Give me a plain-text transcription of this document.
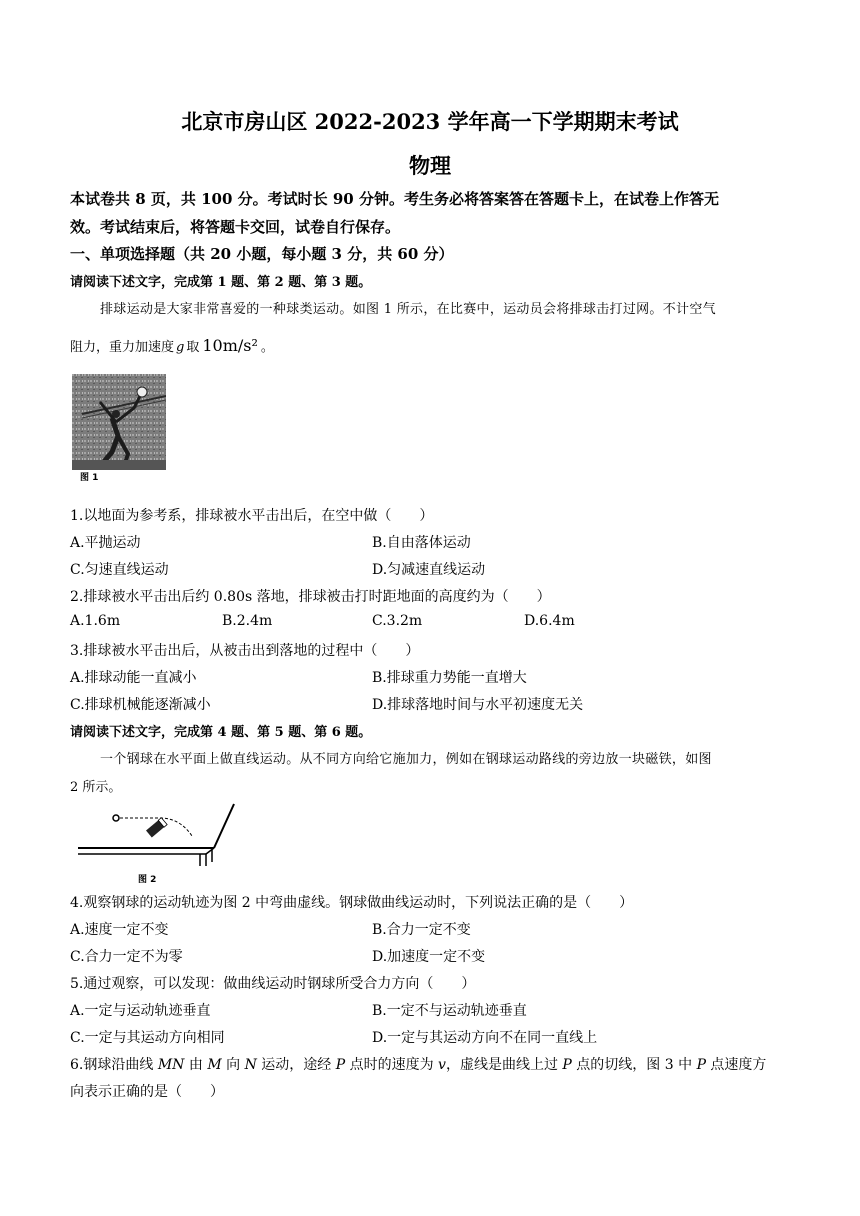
北京市房山区 2022-2023 学年高一下学期期末考试
物理
本试卷共 8 页，共 100 分。考试时长 90 分钟。考生务必将答案答在答题卡上，在试卷上作答无
效。考试结束后，将答题卡交回，试卷自行保存。
一、单项选择题（共 20 小题，每小题 3 分，共 60 分）
请阅读下述文字，完成第 1 题、第 2 题、第 3 题。
排球运动是大家非常喜爱的一种球类运动。如图 1 所示，在比赛中，运动员会将排球击打过网。不计空气
阻力，重力加速度 g 取 10m/s² 。
图 1
1.以地面为参考系，排球被水平击出后，在空中做（　　）
A.平抛运动	B.自由落体运动
C.匀速直线运动	D.匀减速直线运动
2.排球被水平击出后约 0.80s 落地，排球被击打时距地面的高度约为（　　）
A.1.6m	B.2.4m	C.3.2m	D.6.4m
3.排球被水平击出后，从被击出到落地的过程中（　　）
A.排球动能一直减小	B.排球重力势能一直增大
C.排球机械能逐渐减小	D.排球落地时间与水平初速度无关
请阅读下述文字，完成第 4 题、第 5 题、第 6 题。
一个钢球在水平面上做直线运动。从不同方向给它施加力，例如在钢球运动路线的旁边放一块磁铁，如图
2 所示。
图 2
4.观察钢球的运动轨迹为图 2 中弯曲虚线。钢球做曲线运动时，下列说法正确的是（　　）
A.速度一定不变	B.合力一定不变
C.合力一定不为零	D.加速度一定不变
5.通过观察，可以发现：做曲线运动时钢球所受合力方向（　　）
A.一定与运动轨迹垂直	B.一定不与运动轨迹垂直
C.一定与其运动方向相同	D.一定与其运动方向不在同一直线上
6.钢球沿曲线 MN 由 M 向 N 运动，途经 P 点时的速度为 v，虚线是曲线上过 P 点的切线，图 3 中 P 点速度方
向表示正确的是（　　）
